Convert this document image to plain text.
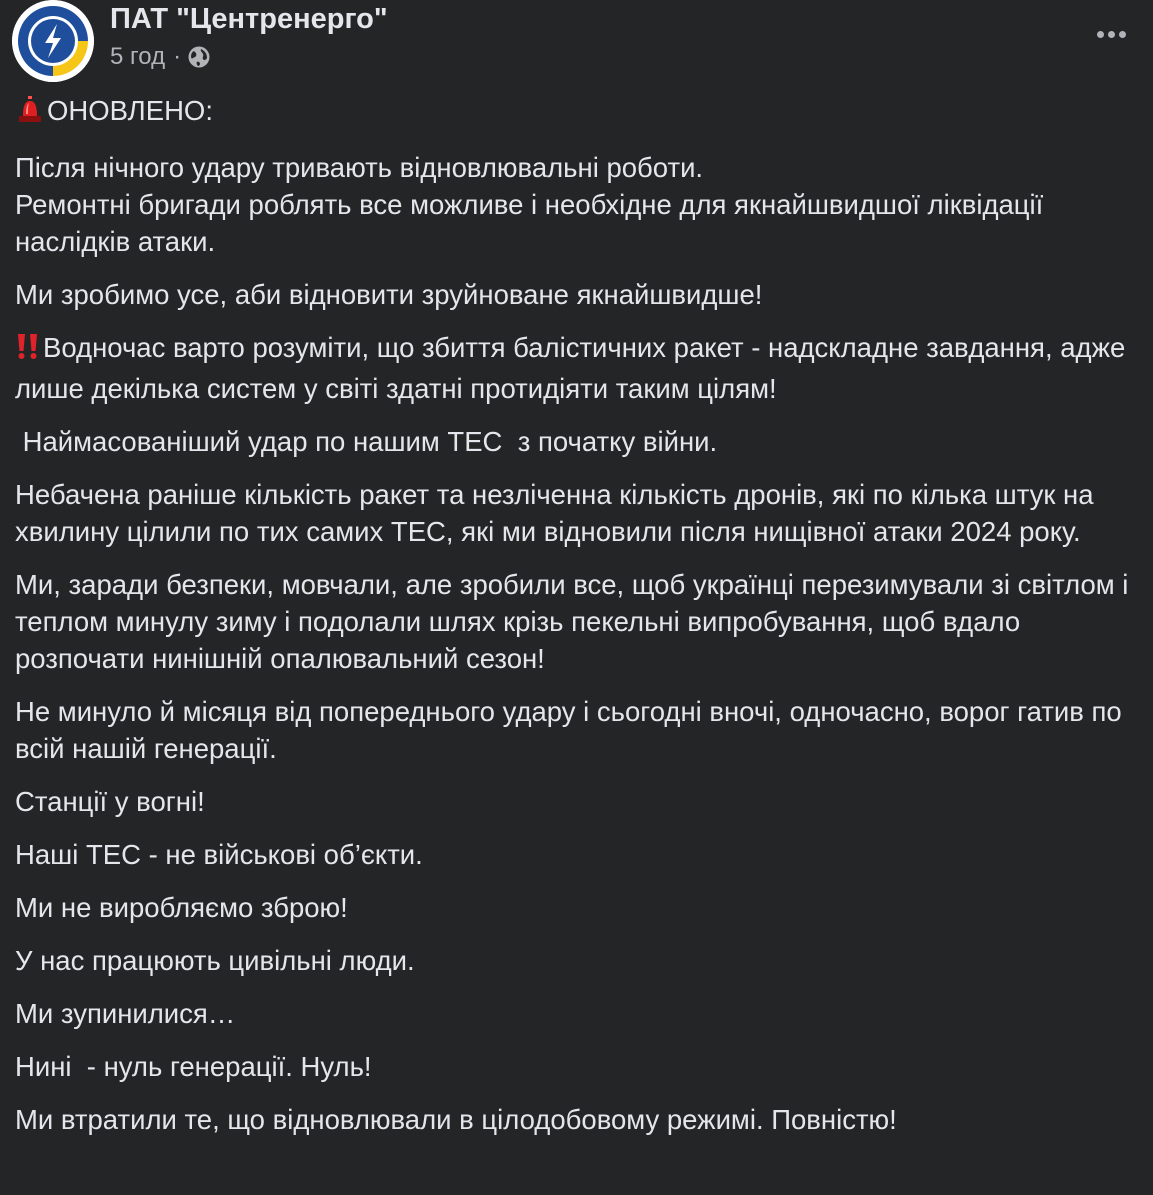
ПАТ "Центренерго"
5 год ·

ОНОВЛЕНО:

Після нічного удару тривають відновлювальні роботи.
Ремонтні бригади роблять все можливе і необхідне для якнайшвидшої ліквідації наслідків атаки.

Ми зробимо усе, аби відновити зруйноване якнайшвидше!

Водночас варто розуміти, що збиття балістичних ракет - надскладне завдання, адже лише декілька систем у світі здатні протидіяти таким цілям!

Наймасованіший удар по нашим ТЕС  з початку війни.

Небачена раніше кількість ракет та незліченна кількість дронів, які по кілька штук на хвилину цілили по тих самих ТЕС, які ми відновили після нищівної атаки 2024 року.

Ми, заради безпеки, мовчали, але зробили все, щоб українці перезимували зі світлом і теплом минулу зиму і подолали шлях крізь пекельні випробування, щоб вдало розпочати нинішній опалювальний сезон!

Не минуло й місяця від попереднього удару і сьогодні вночі, одночасно, ворог гатив по всій нашій генерації.

Станції у вогні!

Наші ТЕС - не військові об’єкти.

Ми не виробляємо зброю!

У нас працюють цивільні люди.

Ми зупинилися…

Нині  - нуль генерації. Нуль!

Ми втратили те, що відновлювали в цілодобовому режимі. Повністю!
